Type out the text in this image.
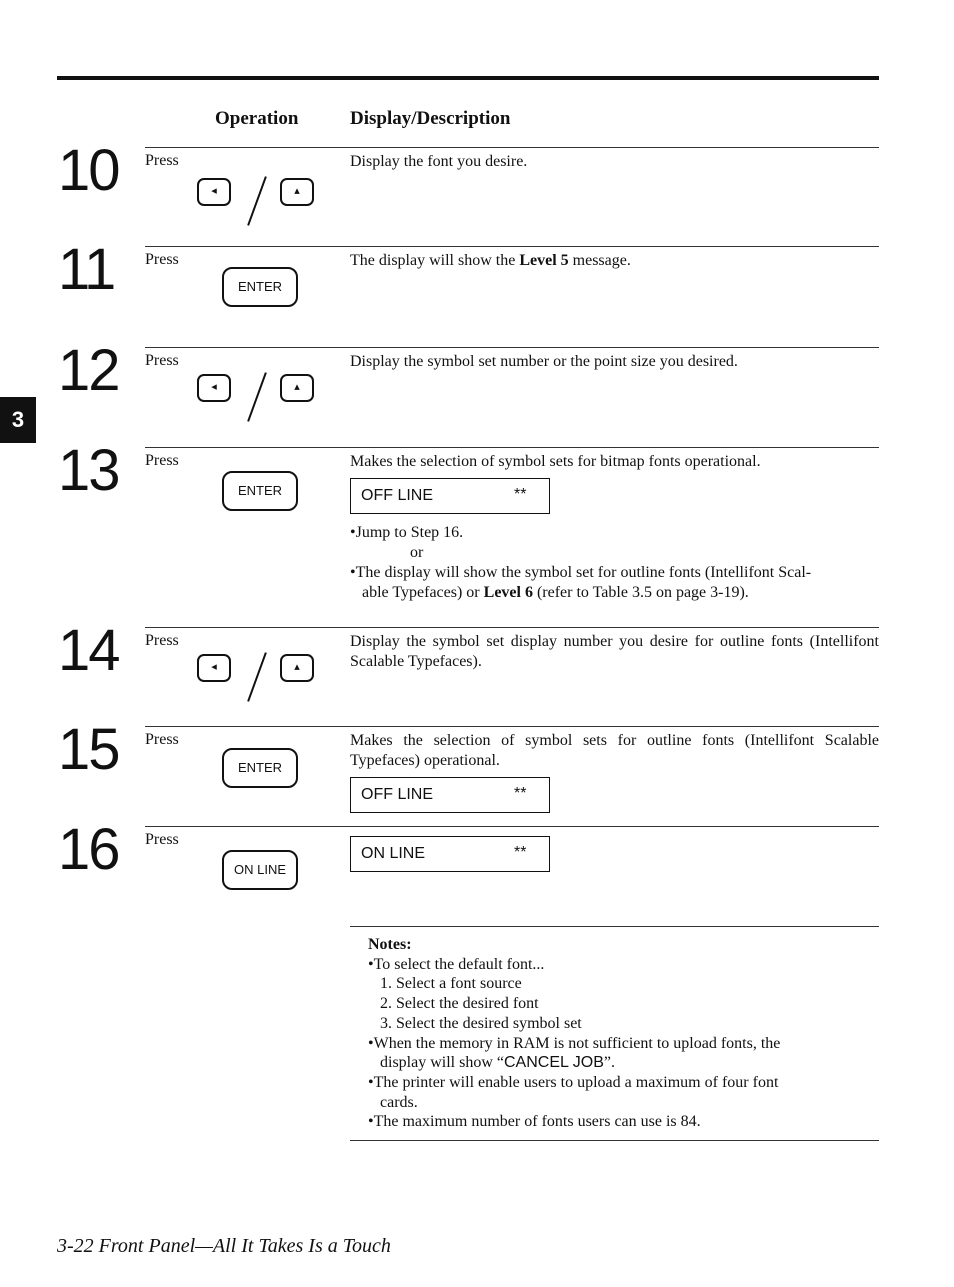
Operation	Display/Description
3
10 Press
◂	▴
Display the font you desire.
11 Press
ENTER
The display will show the Level 5 message.
12 Press
◂	▴
Display the symbol set number or the point size you desired.
13 Press
ENTER
Makes the selection of symbol sets for bitmap fonts operational.
OFF LINE	**
•Jump to Step 16.
or
•The display will show the symbol set for outline fonts (Intellifont Scal-
able Typefaces) or Level 6 (refer to Table 3.5 on page 3-19).
14 Press
◂	▴
Display the symbol set display number you desire for outline fonts (Intellifont Scalable Typefaces).
15 Press
ENTER
Makes the selection of symbol sets for outline fonts (Intellifont Scalable Typefaces) operational.
OFF LINE	**
16 Press
ON LINE
ON LINE	**
Notes:
•To select the default font...
1. Select a font source
2. Select the desired font
3. Select the desired symbol set
•When the memory in RAM is not sufficient to upload fonts, the
display will show “CANCEL JOB”.
•The printer will enable users to upload a maximum of four font
cards.
•The maximum number of fonts users can use is 84.
3-22 Front Panel—All It Takes Is a Touch
